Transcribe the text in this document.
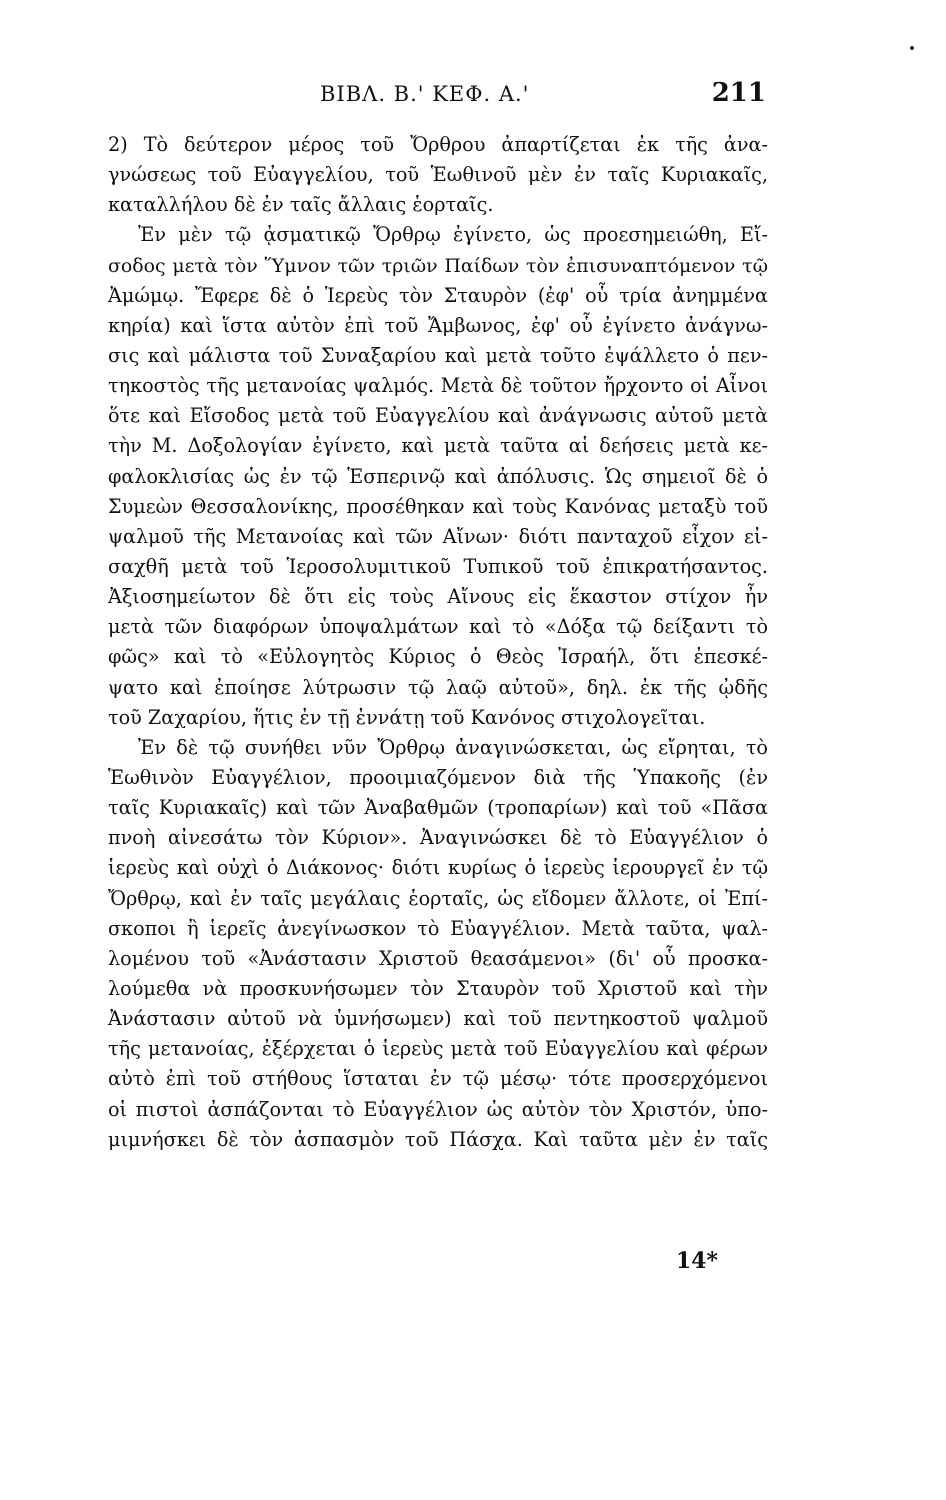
ΒΙΒΛ. Β.' ΚΕΦ. Α.'	211
2) Τὸ δεύτερον μέρος τοῦ Ὄρθρου ἀπαρτίζεται ἐκ τῆς ἀνα-
γνώσεως τοῦ Εὐαγγελίου, τοῦ Ἑωθινοῦ μὲν ἐν ταῖς Κυριακαῖς,
καταλλήλου δὲ ἐν ταῖς ἄλλαις ἑορταῖς.
Ἐν μὲν τῷ ᾀσματικῷ Ὄρθρῳ ἐγίνετο, ὡς προεσημειώθη, Εἴ-
σοδος μετὰ τὸν Ὕμνον τῶν τριῶν Παίδων τὸν ἐπισυναπτόμενον τῷ
Ἀμώμῳ. Ἔφερε δὲ ὁ Ἱερεὺς τὸν Σταυρὸν (ἐφ' οὗ τρία ἀνημμένα
κηρία) καὶ ἵστα αὐτὸν ἐπὶ τοῦ Ἄμβωνος, ἐφ' οὗ ἐγίνετο ἀνάγνω-
σις καὶ μάλιστα τοῦ Συναξαρίου καὶ μετὰ τοῦτο ἐψάλλετο ὁ πεν-
τηκοστὸς τῆς μετανοίας ψαλμός. Μετὰ δὲ τοῦτον ἤρχοντο οἱ Αἶνοι
ὅτε καὶ Εἴσοδος μετὰ τοῦ Εὐαγγελίου καὶ ἀνάγνωσις αὐτοῦ μετὰ
τὴν Μ. Δοξολογίαν ἐγίνετο, καὶ μετὰ ταῦτα αἱ δεήσεις μετὰ κε-
φαλοκλισίας ὡς ἐν τῷ Ἑσπερινῷ καὶ ἀπόλυσις. Ὡς σημειοῖ δὲ ὁ
Συμεὼν Θεσσαλονίκης, προσέθηκαν καὶ τοὺς Κανόνας μεταξὺ τοῦ
ψαλμοῦ τῆς Μετανοίας καὶ τῶν Αἴνων· διότι πανταχοῦ εἶχον εἰ-
σαχθῆ μετὰ τοῦ Ἱεροσολυμιτικοῦ Τυπικοῦ τοῦ ἐπικρατήσαντος.
Ἀξιοσημείωτον δὲ ὅτι εἰς τοὺς Αἴνους εἰς ἕκαστον στίχον ἦν
μετὰ τῶν διαφόρων ὑποψαλμάτων καὶ τὸ «Δόξα τῷ δείξαντι τὸ
φῶς» καὶ τὸ «Εὐλογητὸς Κύριος ὁ Θεὸς Ἰσραήλ, ὅτι ἐπεσκέ-
ψατο καὶ ἐποίησε λύτρωσιν τῷ λαῷ αὐτοῦ», δηλ. ἐκ τῆς ᾠδῆς
τοῦ Ζαχαρίου, ἥτις ἐν τῇ ἐννάτῃ τοῦ Κανόνος στιχολογεῖται.
Ἐν δὲ τῷ συνήθει νῦν Ὄρθρῳ ἀναγινώσκεται, ὡς εἴρηται, τὸ
Ἑωθινὸν Εὐαγγέλιον, προοιμιαζόμενον διὰ τῆς Ὑπακοῆς (ἐν
ταῖς Κυριακαῖς) καὶ τῶν Ἀναβαθμῶν (τροπαρίων) καὶ τοῦ «Πᾶσα
πνοὴ αἰνεσάτω τὸν Κύριον». Ἀναγινώσκει δὲ τὸ Εὐαγγέλιον ὁ
ἱερεὺς καὶ οὐχὶ ὁ Διάκονος· διότι κυρίως ὁ ἱερεὺς ἱερουργεῖ ἐν τῷ
Ὄρθρῳ, καὶ ἐν ταῖς μεγάλαις ἑορταῖς, ὡς εἴδομεν ἄλλοτε, οἱ Ἐπί-
σκοποι ἢ ἱερεῖς ἀνεγίνωσκον τὸ Εὐαγγέλιον. Μετὰ ταῦτα, ψαλ-
λομένου τοῦ «Ἀνάστασιν Χριστοῦ θεασάμενοι» (δι' οὗ προσκα-
λούμεθα νὰ προσκυνήσωμεν τὸν Σταυρὸν τοῦ Χριστοῦ καὶ τὴν
Ἀνάστασιν αὐτοῦ νὰ ὑμνήσωμεν) καὶ τοῦ πεντηκοστοῦ ψαλμοῦ
τῆς μετανοίας, ἐξέρχεται ὁ ἱερεὺς μετὰ τοῦ Εὐαγγελίου καὶ φέρων
αὐτὸ ἐπὶ τοῦ στήθους ἵσταται ἐν τῷ μέσῳ· τότε προσερχόμενοι
οἱ πιστοὶ ἀσπάζονται τὸ Εὐαγγέλιον ὡς αὐτὸν τὸν Χριστόν, ὑπο-
μιμνήσκει δὲ τὸν ἀσπασμὸν τοῦ Πάσχα. Καὶ ταῦτα μὲν ἐν ταῖς
14*
